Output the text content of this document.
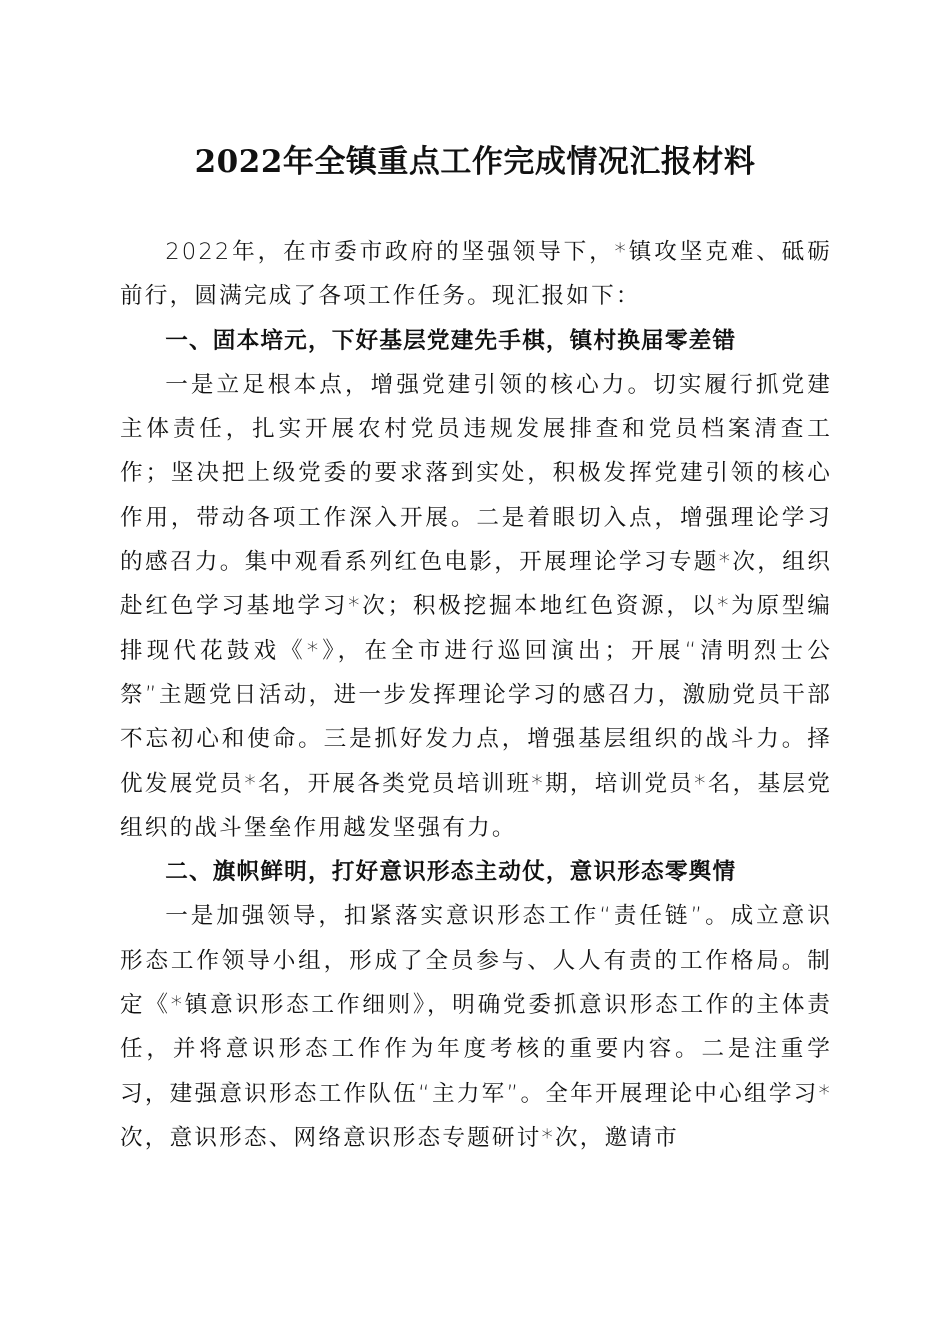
2022年全镇重点工作完成情况汇报材料

2022年，在市委市政府的坚强领导下，*镇攻坚克难、砥砺前行，圆满完成了各项工作任务。现汇报如下：

一、固本培元，下好基层党建先手棋，镇村换届零差错

一是立足根本点，增强党建引领的核心力。切实履行抓党建主体责任，扎实开展农村党员违规发展排查和党员档案清查工作；坚决把上级党委的要求落到实处，积极发挥党建引领的核心作用，带动各项工作深入开展。二是着眼切入点，增强理论学习的感召力。集中观看系列红色电影，开展理论学习专题*次，组织赴红色学习基地学习*次；积极挖掘本地红色资源，以*为原型编排现代花鼓戏《*》，在全市进行巡回演出；开展“清明烈士公祭”主题党日活动，进一步发挥理论学习的感召力，激励党员干部不忘初心和使命。三是抓好发力点，增强基层组织的战斗力。择优发展党员*名，开展各类党员培训班*期，培训党员*名，基层党组织的战斗堡垒作用越发坚强有力。

二、旗帜鲜明，打好意识形态主动仗，意识形态零舆情

一是加强领导，扣紧落实意识形态工作“责任链”。成立意识形态工作领导小组，形成了全员参与、人人有责的工作格局。制定《*镇意识形态工作细则》，明确党委抓意识形态工作的主体责任，并将意识形态工作作为年度考核的重要内容。二是注重学习，建强意识形态工作队伍“主力军”。全年开展理论中心组学习*次，意识形态、网络意识形态专题研讨*次，邀请市
